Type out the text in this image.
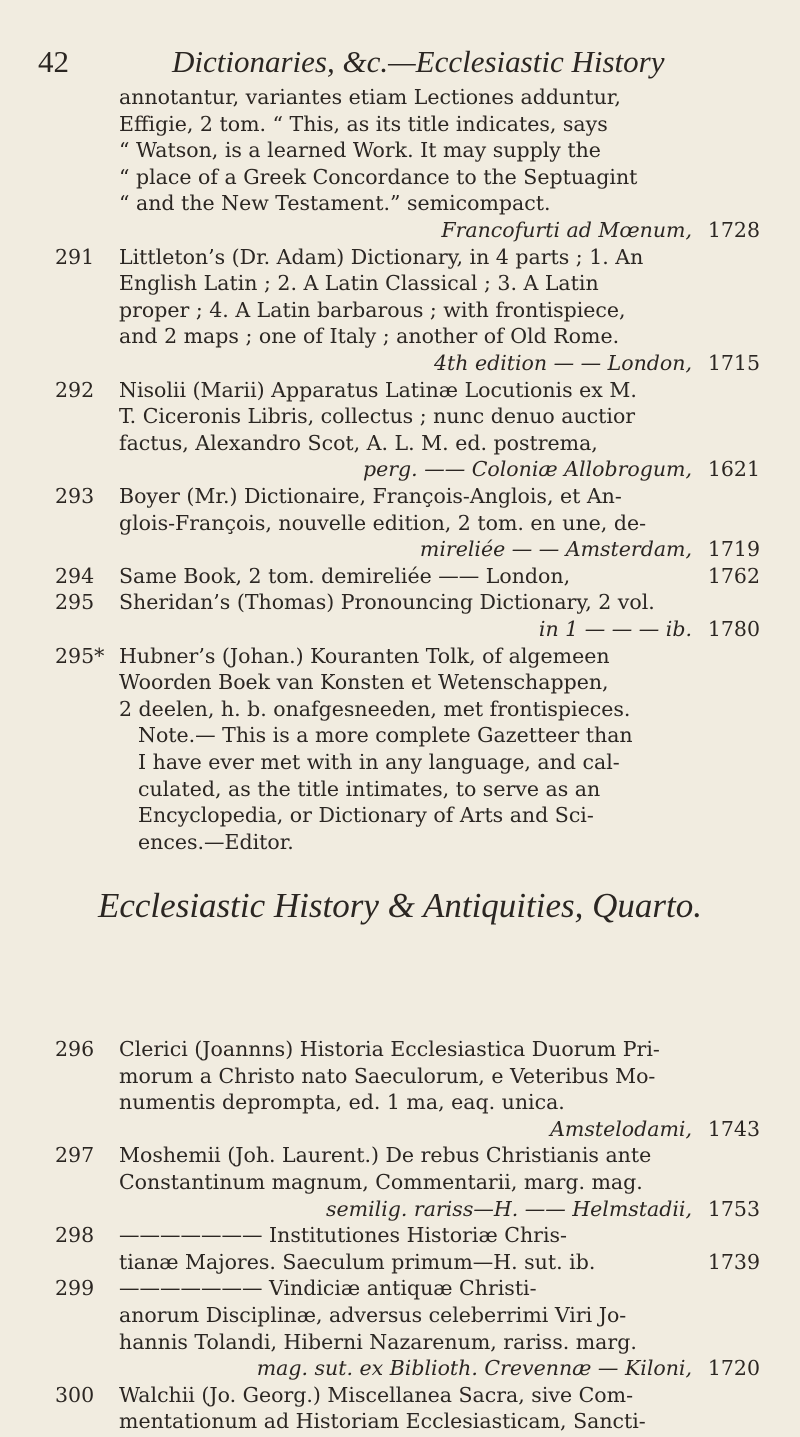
42	Dictionaries, &c.—Ecclesiastic History
annotantur, variantes etiam Lectiones adduntur,
Effigie, 2 tom. “ This, as its title indicates, says
“ Watson, is a learned Work. It may supply the
“ place of a Greek Concordance to the Septuagint
“ and the New Testament.” semicompact.
Francofurti ad Mœnum, 1728
291 Littleton’s (Dr. Adam) Dictionary, in 4 parts ; 1. An
English Latin ; 2. A Latin Classical ; 3. A Latin
proper ; 4. A Latin barbarous ; with frontispiece,
and 2 maps ; one of Italy ; another of Old Rome.
4th edition — — London, 1715
292 Nisolii (Marii) Apparatus Latinæ Locutionis ex M.
T. Ciceronis Libris, collectus ; nunc denuo auctior
factus, Alexandro Scot, A. L. M. ed. postrema,
perg. —— Coloniæ Allobrogum, 1621
293 Boyer (Mr.) Dictionaire, François-Anglois, et An-
glois-François, nouvelle edition, 2 tom. en une, de-
mireliée — — Amsterdam, 1719
294 Same Book, 2 tom. demireliée —— London,	1762
295 Sheridan’s (Thomas) Pronouncing Dictionary, 2 vol.
in 1 — — — ib. 1780
295* Hubner’s (Johan.) Kouranten Tolk, of algemeen
Woorden Boek van Konsten et Wetenschappen,
2 deelen, h. b. onafgesneeden, met frontispieces.
Note.— This is a more complete Gazetteer than
I have ever met with in any language, and cal-
culated, as the title intimates, to serve as an
Encyclopedia, or Dictionary of Arts and Sci-
ences.—Editor.
Ecclesiastic History & Antiquities, Quarto.
296 Clerici (Joannns) Historia Ecclesiastica Duorum Pri-
morum a Christo nato Saeculorum, e Veteribus Mo-
numentis deprompta, ed. 1 ma, eaq. unica.
Amstelodami, 1743
297 Moshemii (Joh. Laurent.) De rebus Christianis ante
Constantinum magnum, Commentarii, marg. mag.
semilig. rariss—H. —— Helmstadii, 1753
298 ——————— Institutiones Historiæ Chris-
tianæ Majores. Saeculum primum—H. sut. ib.	1739
299 ——————— Vindiciæ antiquæ Christi-
anorum Disciplinæ, adversus celeberrimi Viri Jo-
hannis Tolandi, Hiberni Nazarenum, rariss. marg.
mag. sut. ex Biblioth. Crevennæ — Kiloni, 1720
300 Walchii (Jo. Georg.) Miscellanea Sacra, sive Com-
mentationum ad Historiam Ecclesiasticam, Sancti-
